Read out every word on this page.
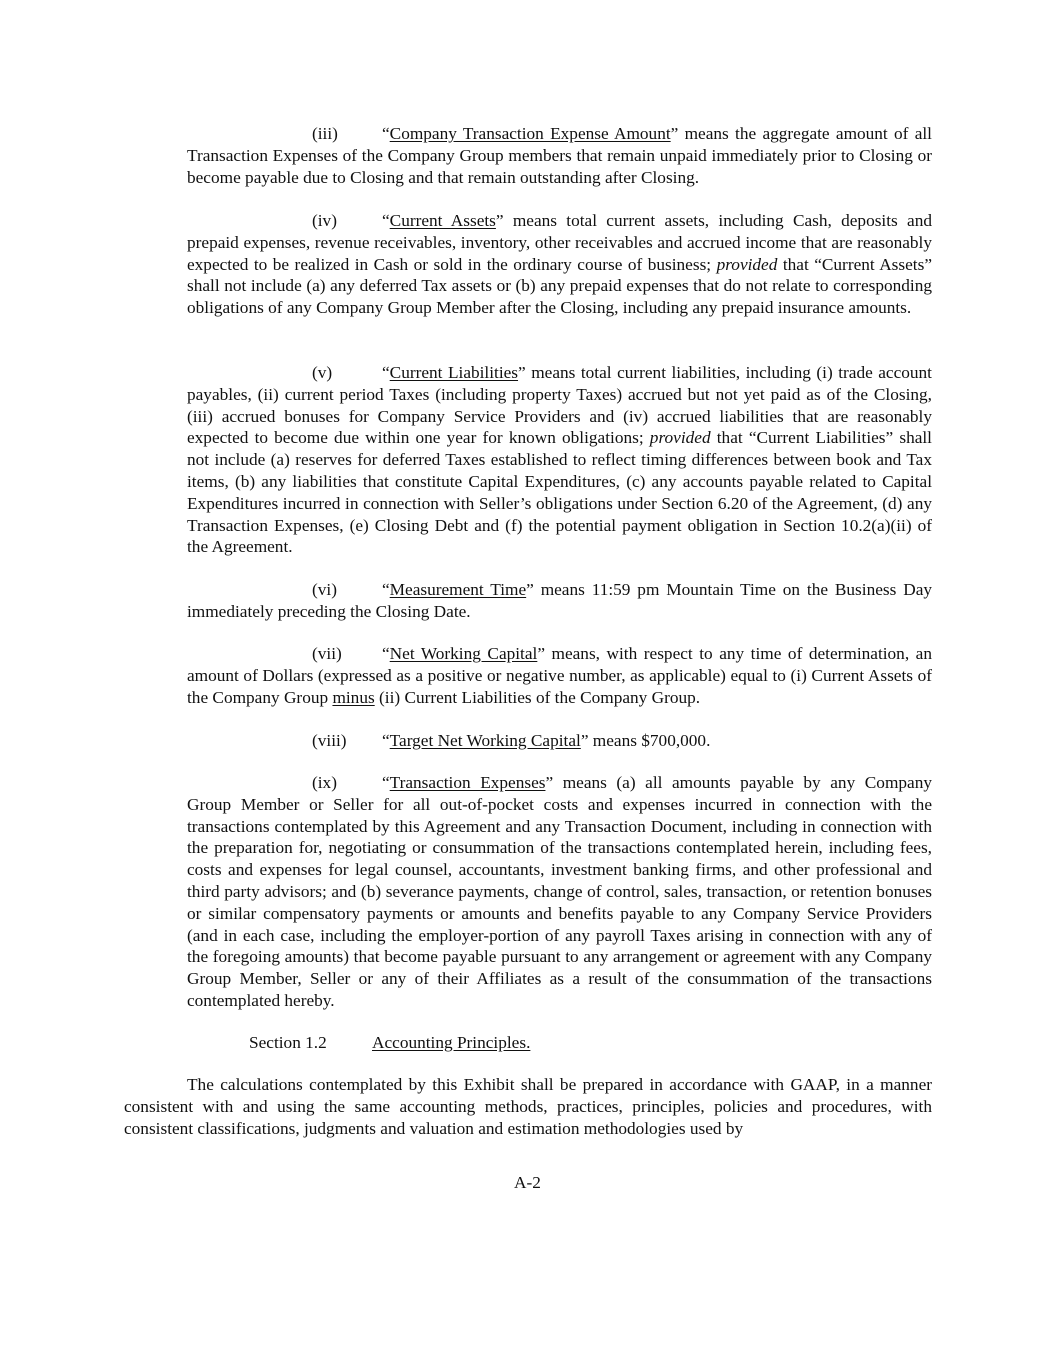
(iii)	“Company Transaction Expense Amount” means the aggregate amount of all Transaction Expenses of the Company Group members that remain unpaid immediately prior to Closing or become payable due to Closing and that remain outstanding after Closing.

(iv)	“Current Assets” means total current assets, including Cash, deposits and prepaid expenses, revenue receivables, inventory, other receivables and accrued income that are reasonably expected to be realized in Cash or sold in the ordinary course of business; provided that “Current Assets” shall not include (a) any deferred Tax assets or (b) any prepaid expenses that do not relate to corresponding obligations of any Company Group Member after the Closing, including any prepaid insurance amounts.

(v)	“Current Liabilities” means total current liabilities, including (i) trade account payables, (ii) current period Taxes (including property Taxes) accrued but not yet paid as of the Closing, (iii) accrued bonuses for Company Service Providers and (iv) accrued liabilities that are reasonably expected to become due within one year for known obligations; provided that “Current Liabilities” shall not include (a) reserves for deferred Taxes established to reflect timing differences between book and Tax items, (b) any liabilities that constitute Capital Expenditures, (c) any accounts payable related to Capital Expenditures incurred in connection with Seller’s obligations under Section 6.20 of the Agreement, (d) any Transaction Expenses, (e) Closing Debt and (f) the potential payment obligation in Section 10.2(a)(ii) of the Agreement.

(vi)	“Measurement Time” means 11:59 pm Mountain Time on the Business Day immediately preceding the Closing Date.

(vii) “Net Working Capital” means, with respect to any time of determination, an amount of Dollars (expressed as a positive or negative number, as applicable) equal to (i) Current Assets of the Company Group minus (ii) Current Liabilities of the Company Group.

(viii) “Target Net Working Capital” means $700,000.

(ix)	“Transaction Expenses” means (a) all amounts payable by any Company Group Member or Seller for all out-of-pocket costs and expenses incurred in connection with the transactions contemplated by this Agreement and any Transaction Document, including in connection with the preparation for, negotiating or consummation of the transactions contemplated herein, including fees, costs and expenses for legal counsel, accountants, investment banking firms, and other professional and third party advisors; and (b) severance payments, change of control, sales, transaction, or retention bonuses or similar compensatory payments or amounts and benefits payable to any Company Service Providers (and in each case, including the employer-portion of any payroll Taxes arising in connection with any of the foregoing amounts) that become payable pursuant to any arrangement or agreement with any Company Group Member, Seller or any of their Affiliates as a result of the consummation of the transactions contemplated hereby.

Section 1.2	Accounting Principles.

The calculations contemplated by this Exhibit shall be prepared in accordance with GAAP, in a manner consistent with and using the same accounting methods, practices, principles, policies and procedures, with consistent classifications, judgments and valuation and estimation methodologies used by

A-2
